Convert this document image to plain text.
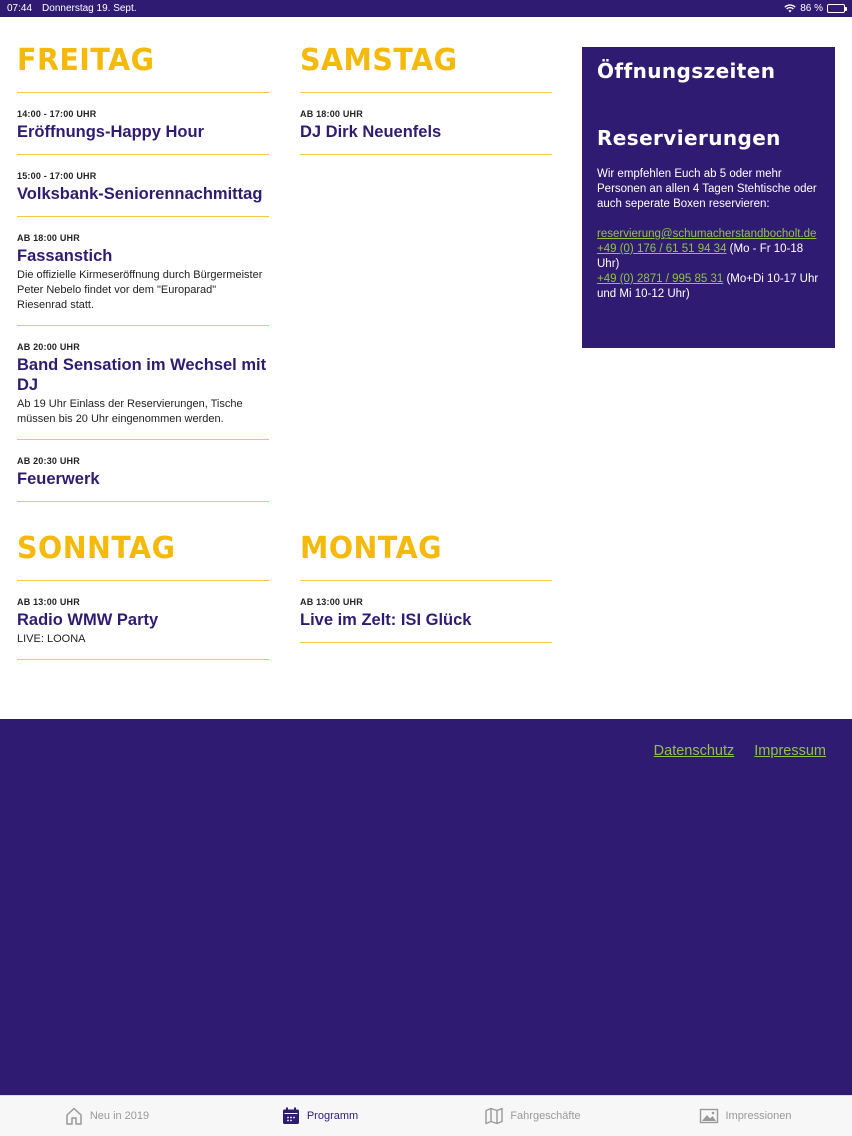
07:44 Donnerstag 19. Sept.	86 %
FREITAG
14:00 - 17:00 UHR
Eröffnungs-Happy Hour
15:00 - 17:00 UHR
Volksbank-Seniorennachmittag
AB 18:00 UHR
Fassanstich
Die offizielle Kirmeseröffnung durch Bürgermeister Peter Nebelo findet vor dem "Europarad" Riesenrad statt.
AB 20:00 UHR
Band Sensation im Wechsel mit DJ
Ab 19 Uhr Einlass der Reservierungen, Tische müssen bis 20 Uhr eingenommen werden.
AB 20:30 UHR
Feuerwerk
SAMSTAG
AB 18:00 UHR
DJ Dirk Neuenfels
SONNTAG
AB 13:00 UHR
Radio WMW Party
LIVE: LOONA
MONTAG
AB 13:00 UHR
Live im Zelt: ISI Glück
Öffnungszeiten
Reservierungen

Wir empfehlen Euch ab 5 oder mehr Personen an allen 4 Tagen Stehtische oder auch seperate Boxen reservieren:

reservierung@schumacherstandbocholt.de
+49 (0) 176 / 61 51 94 34 (Mo - Fr 10-18 Uhr)
+49 (0) 2871 / 995 85 31 (Mo+Di 10-17 Uhr und Mi 10-12 Uhr)
Datenschutz Impressum
Neu in 2019	Programm	Fahrgeschäfte	Impressionen
